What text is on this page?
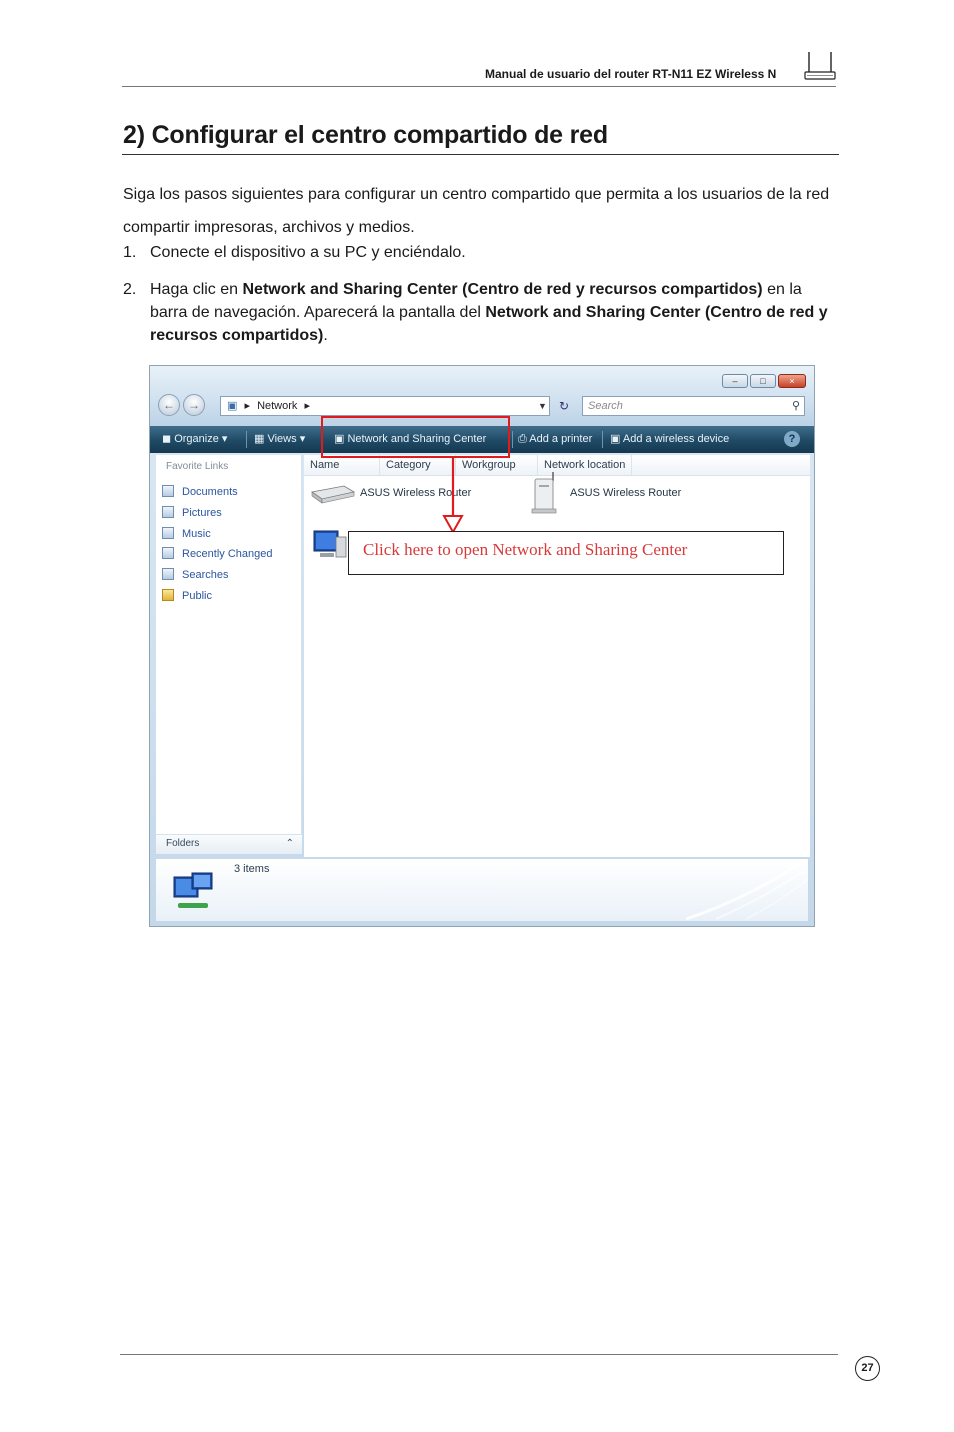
Manual de usuario del router RT-N11 EZ Wireless N
2) Configurar el centro compartido de red
Siga los pasos siguientes para configurar un centro compartido que permita a los usuarios de la red compartir impresoras, archivos y medios.
1. Conecte el dispositivo a su PC y enciéndalo.
2. Haga clic en Network and Sharing Center (Centro de red y recursos compartidos) en la barra de navegación. Aparecerá la pantalla del Network and Sharing Center (Centro de red y recursos compartidos).
–	□	×
←	→	▣ ▸ Network ▸	▼	↻	Search	⚲
◼ Organize ▾ ▦ Views ▾	▣ Network and Sharing Center	⎙ Add a printer ▣ Add a wireless device	?
Favorite Links
Documents
Pictures
Music
Recently Changed
Searches
Public
Folders	⌃
Name	Category	Workgroup	Network location
ASUS Wireless Router	ASUS Wireless Router
Click here to open Network and Sharing Center
3 items
27
